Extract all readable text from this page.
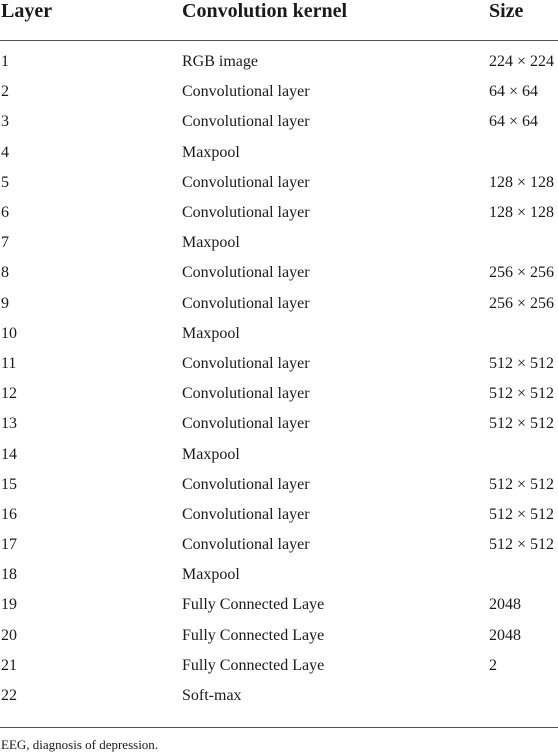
Layer	Convolution kernel	Size
1	RGB image	224 × 224
2	Convolutional layer	64 × 64
3	Convolutional layer	64 × 64
4	Maxpool	
5	Convolutional layer	128 × 128
6	Convolutional layer	128 × 128
7	Maxpool	
8	Convolutional layer	256 × 256
9	Convolutional layer	256 × 256
10	Maxpool	
11	Convolutional layer	512 × 512
12	Convolutional layer	512 × 512
13	Convolutional layer	512 × 512
14	Maxpool	
15	Convolutional layer	512 × 512
16	Convolutional layer	512 × 512
17	Convolutional layer	512 × 512
18	Maxpool	
19	Fully Connected Laye	2048
20	Fully Connected Laye	2048
21	Fully Connected Laye	2
22	Soft-max	
EEG, diagnosis of depression.
